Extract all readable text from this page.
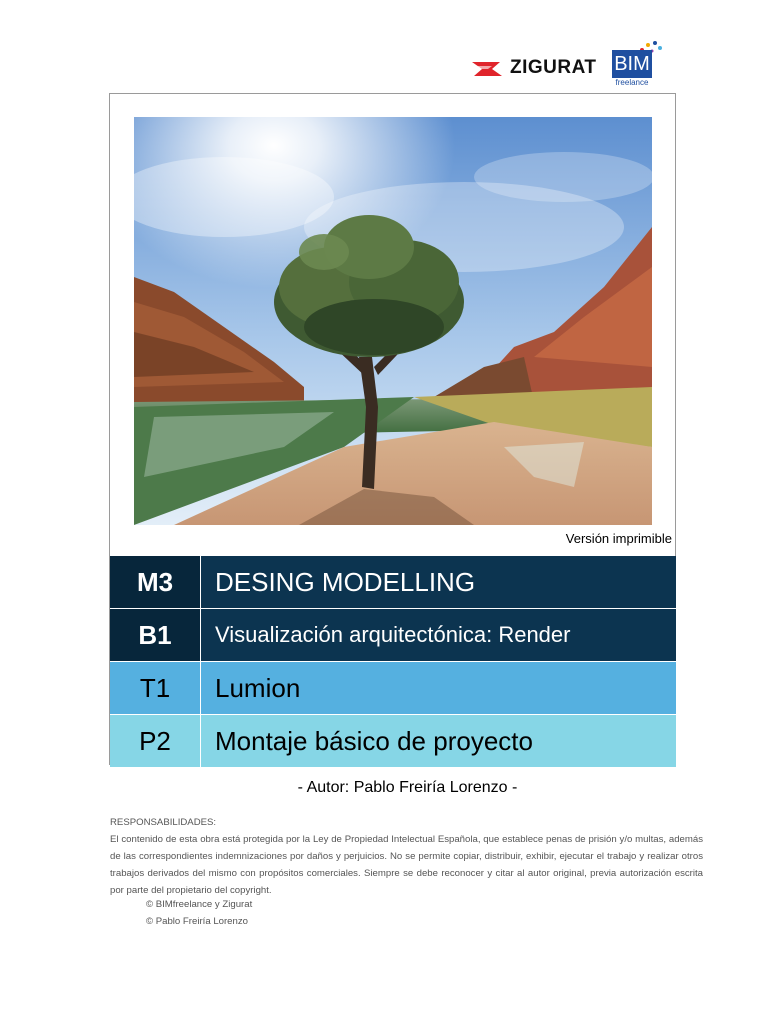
ZIGURAT BIM
freelance
Versión imprimible
M3	DESING MODELLING
B1	Visualización arquitectónica: Render
T1	Lumion
P2	Montaje básico de proyecto
- Autor: Pablo Freiría Lorenzo -
RESPONSABILIDADES:
El contenido de esta obra está protegida por la Ley de Propiedad Intelectual Española, que establece penas de prisión y/o multas, además de las correspondientes indemnizaciones por daños y perjuicios. No se permite copiar, distribuir, exhibir, ejecutar el trabajo y realizar otros trabajos derivados del mismo con propósitos comerciales. Siempre se debe reconocer y citar al autor original, previa autorización escrita por parte del propietario del copyright.
© BIMfreelance y Zigurat
© Pablo Freiría Lorenzo
